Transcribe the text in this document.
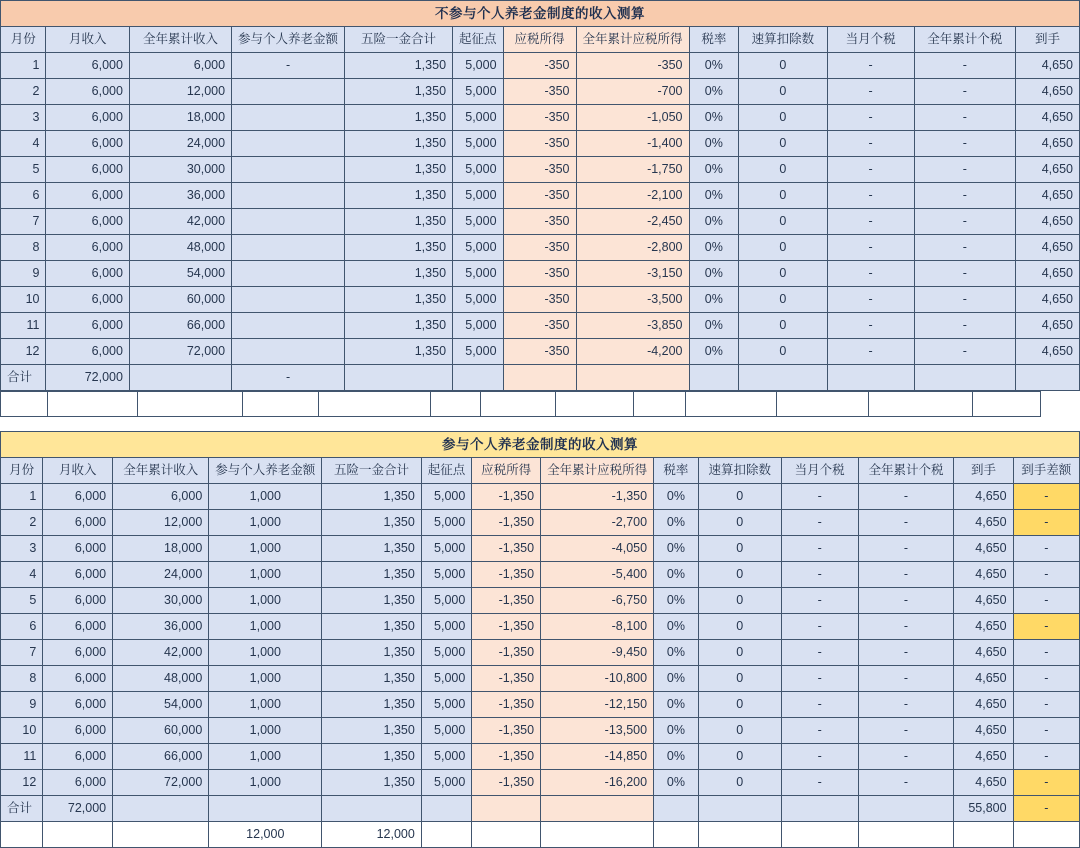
不参与个人养老金制度的收入测算												
月份	月收入	全年累计收入	参与个人养老金额	五险一金合计	起征点	应税所得	全年累计应税所得	税率	速算扣除数	当月个税	全年累计个税	到手
1	6,000	6,000	-	1,350	5,000	-350	-350	0%	0	-	-	4,650
2	6,000	12,000		1,350	5,000	-350	-700	0%	0	-	-	4,650
3	6,000	18,000		1,350	5,000	-350	-1,050	0%	0	-	-	4,650
4	6,000	24,000		1,350	5,000	-350	-1,400	0%	0	-	-	4,650
5	6,000	30,000		1,350	5,000	-350	-1,750	0%	0	-	-	4,650
6	6,000	36,000		1,350	5,000	-350	-2,100	0%	0	-	-	4,650
7	6,000	42,000		1,350	5,000	-350	-2,450	0%	0	-	-	4,650
8	6,000	48,000		1,350	5,000	-350	-2,800	0%	0	-	-	4,650
9	6,000	54,000		1,350	5,000	-350	-3,150	0%	0	-	-	4,650
10	6,000	60,000		1,350	5,000	-350	-3,500	0%	0	-	-	4,650
11	6,000	66,000		1,350	5,000	-350	-3,850	0%	0	-	-	4,650
12	6,000	72,000		1,350	5,000	-350	-4,200	0%	0	-	-	4,650
合计	72,000		-									

参与个人养老金制度的收入测算													
月份	月收入	全年累计收入	参与个人养老金额	五险一金合计	起征点	应税所得	全年累计应税所得	税率	速算扣除数	当月个税	全年累计个税	到手	到手差额
1	6,000	6,000	1,000	1,350	5,000	-1,350	-1,350	0%	0	-	-	4,650	-
2	6,000	12,000	1,000	1,350	5,000	-1,350	-2,700	0%	0	-	-	4,650	-
3	6,000	18,000	1,000	1,350	5,000	-1,350	-4,050	0%	0	-	-	4,650	-
4	6,000	24,000	1,000	1,350	5,000	-1,350	-5,400	0%	0	-	-	4,650	-
5	6,000	30,000	1,000	1,350	5,000	-1,350	-6,750	0%	0	-	-	4,650	-
6	6,000	36,000	1,000	1,350	5,000	-1,350	-8,100	0%	0	-	-	4,650	-
7	6,000	42,000	1,000	1,350	5,000	-1,350	-9,450	0%	0	-	-	4,650	-
8	6,000	48,000	1,000	1,350	5,000	-1,350	-10,800	0%	0	-	-	4,650	-
9	6,000	54,000	1,000	1,350	5,000	-1,350	-12,150	0%	0	-	-	4,650	-
10	6,000	60,000	1,000	1,350	5,000	-1,350	-13,500	0%	0	-	-	4,650	-
11	6,000	66,000	1,000	1,350	5,000	-1,350	-14,850	0%	0	-	-	4,650	-
12	6,000	72,000	1,000	1,350	5,000	-1,350	-16,200	0%	0	-	-	4,650	-
合计	72,000											55,800	-
			12,000	12,000									
